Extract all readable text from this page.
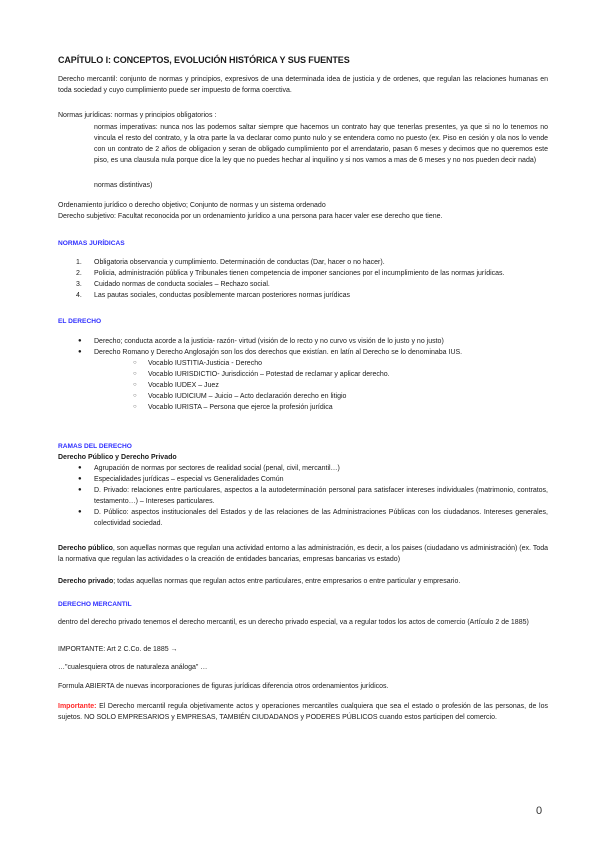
CAPÍTULO I: CONCEPTOS, EVOLUCIÓN HISTÓRICA Y SUS FUENTES

Derecho mercantil: conjunto de normas y principios, expresivos de una determinada idea de justicia y de ordenes, que regulan las relaciones humanas en toda sociedad y cuyo cumplimiento puede ser impuesto de forma coerctiva.

Normas jurídicas: normas y principios obligatorios :

normas imperativas: nunca nos las podemos saltar siempre que hacemos un contrato hay que tenerlas presentes, ya que si no lo tenemos no vincula el resto del contrato, y la otra parte la va declarar como punto nulo y se entendera como no puesto (ex. Piso en cesión y ola nos lo vende con un contrato de 2 años de obligacion y seran de obligado cumplimiento por el arrendatario, pasan 6 meses y decimos que no queremos este piso, es una clausula nula porque dice la ley que no puedes hechar al inquilino y si nos vamos a mas de 6 meses y no nos pueden decir nada)

normas distintivas)

Ordenamiento jurídico o derecho objetivo; Conjunto de normas y un sistema ordenado

Derecho subjetivo: Facultat reconocida por un ordenamiento jurídico a una persona para hacer valer ese derecho que tiene.

NORMAS JURÍDICAS

1.	Obligatoria observancia y cumplimiento. Determinación de conductas (Dar, hacer o no hacer).
2.	Policia, administración pública y Tribunales tienen competencia de imponer sanciones por el incumplimiento de las normas jurídicas.
3.	Cuidado normas de conducta sociales – Rechazo social.
4.	Las pautas sociales, conductas posiblemente marcan posteriores normas jurídicas

EL DERECHO

●	Derecho; conducta acorde a la justicia- razón- virtud (visión de lo recto y no curvo vs visión de lo justo y no justo)
●	Derecho Romano y Derecho Anglosajón son los dos derechos que existían. en latín al Derecho se lo denominaba IUS.
○	Vocablo IUSTITIA-Justicia - Derecho
○	Vocablo IURISDICTIO- Jurisdicción – Potestad de reclamar y aplicar derecho.
○	Vocablo IUDEX – Juez
○	Vocablo IUDICIUM – Juicio – Acto declaración derecho en litigio
○	Vocablo IURISTA – Persona que ejerce la profesión jurídica

RAMAS DEL DERECHO

Derecho Público y Derecho Privado

●	Agrupación de normas por sectores de realidad social (penal, civil, mercantil…)
●	Especialidades jurídicas – especial vs Generalidades Común
●	D. Privado: relaciones entre particulares, aspectos a la autodeterminación personal para satisfacer intereses individuales (matrimonio, contratos, testamento…) – Intereses particulares.
●	D. Público: aspectos institucionales del Estados y de las relaciones de las Administraciones Públicas con los ciudadanos. Intereses generales, colectividad sociedad.

Derecho público, son aquellas normas que regulan una actividad entorno a las administración, es decir, a los paises (ciudadano vs administración) (ex. Toda la normativa que regulan las actividades o la creación de entidades bancarias, empresas bancarias vs estado)

Derecho privado; todas aquellas normas que regulan actos entre particulares, entre empresarios o entre particular y empresario.

DERECHO MERCANTIL

dentro del derecho privado tenemos el derecho mercantil, es un derecho privado especial, va a regular todos los actos de comercio (Artículo 2 de 1885)

IMPORTANTE: Art 2 C.Co. de 1885 →

…"cualesquiera otros de naturaleza análoga" …

Formula ABIERTA de nuevas incorporaciones de figuras jurídicas diferencia otros ordenamientos jurídicos.

Importante: El Derecho mercantil regula objetivamente actos y operaciones mercantiles cualquiera que sea el estado o profesión de las personas, de los sujetos. NO SOLO EMPRESARIOS y EMPRESAS, TAMBIÉN CIUDADANOS y PODERES PÚBLICOS cuando estos participen del comercio.

0
